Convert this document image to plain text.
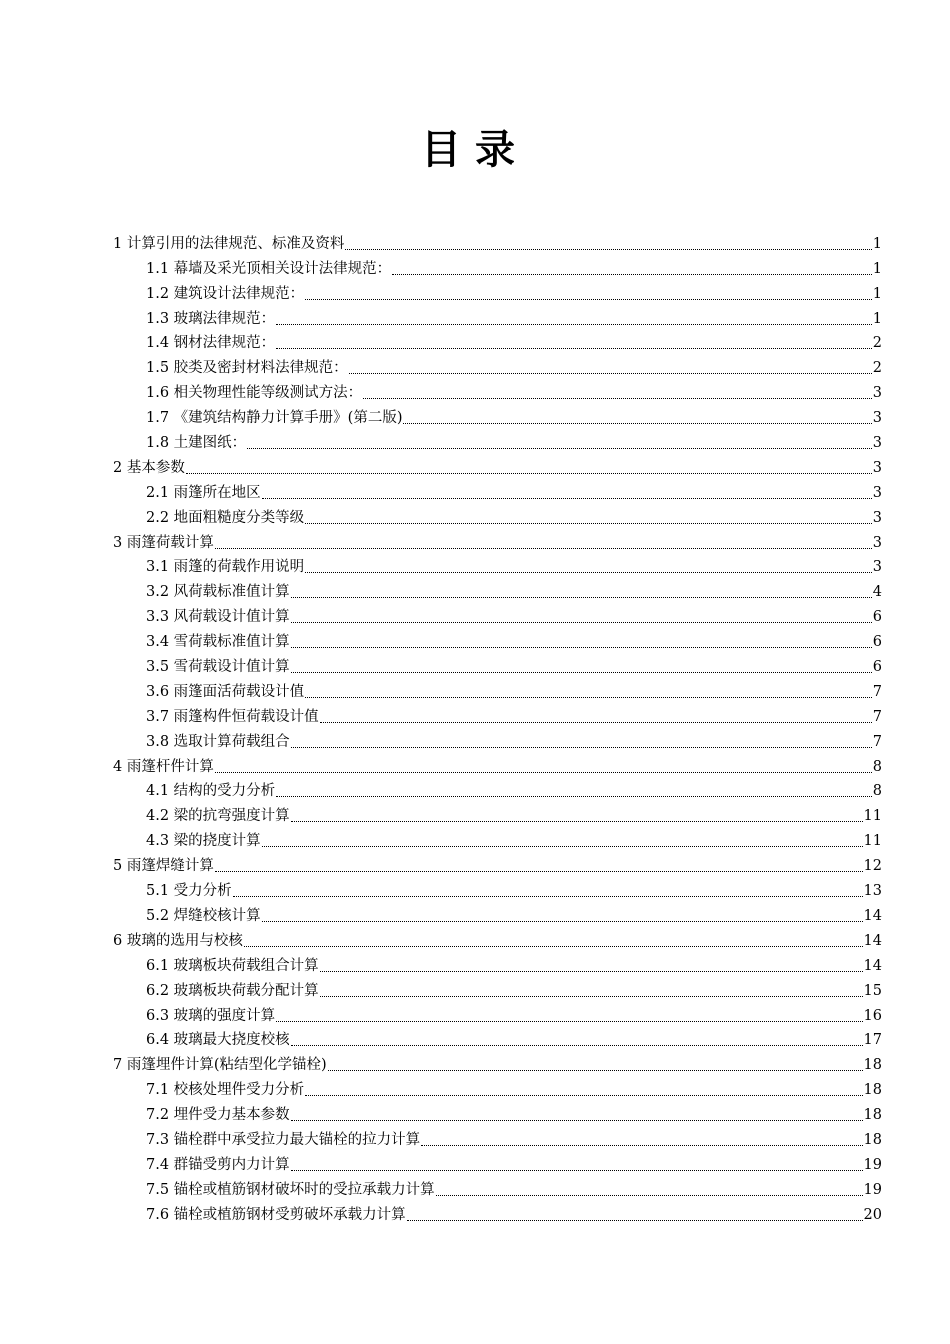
目录
1 计算引用的法律规范、标准及资料	1
1.1 幕墙及采光顶相关设计法律规范：	1
1.2 建筑设计法律规范：	1
1.3 玻璃法律规范：	1
1.4 钢材法律规范：	2
1.5 胶类及密封材料法律规范：	2
1.6 相关物理性能等级测试方法：	3
1.7 《建筑结构静力计算手册》(第二版)	3
1.8 土建图纸：	3
2 基本参数	3
2.1 雨篷所在地区	3
2.2 地面粗糙度分类等级	3
3 雨篷荷载计算	3
3.1 雨篷的荷载作用说明	3
3.2 风荷载标准值计算	4
3.3 风荷载设计值计算	6
3.4 雪荷载标准值计算	6
3.5 雪荷载设计值计算	6
3.6 雨篷面活荷载设计值	7
3.7 雨篷构件恒荷载设计值	7
3.8 选取计算荷载组合	7
4 雨篷杆件计算	8
4.1 结构的受力分析	8
4.2 梁的抗弯强度计算	11
4.3 梁的挠度计算	11
5 雨篷焊缝计算	12
5.1 受力分析	13
5.2 焊缝校核计算	14
6 玻璃的选用与校核	14
6.1 玻璃板块荷载组合计算	14
6.2 玻璃板块荷载分配计算	15
6.3 玻璃的强度计算	16
6.4 玻璃最大挠度校核	17
7 雨篷埋件计算(粘结型化学锚栓)	18
7.1 校核处埋件受力分析	18
7.2 埋件受力基本参数	18
7.3 锚栓群中承受拉力最大锚栓的拉力计算	18
7.4 群锚受剪内力计算	19
7.5 锚栓或植筋钢材破坏时的受拉承载力计算	19
7.6 锚栓或植筋钢材受剪破坏承载力计算	20
